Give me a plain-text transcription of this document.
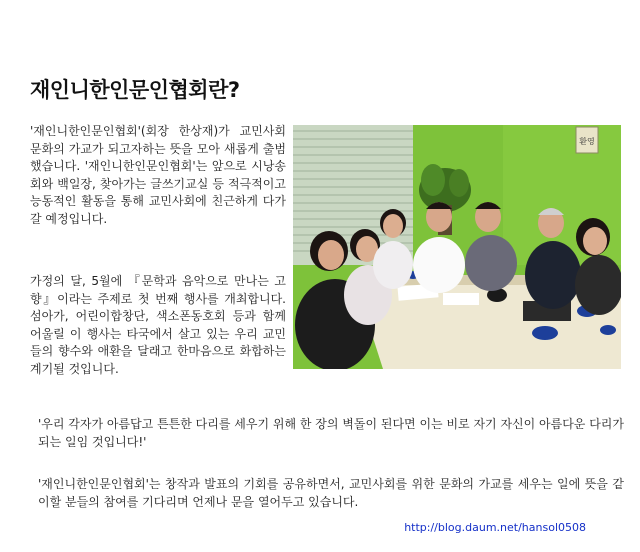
재인니한인문인협회란?

'재인니한인문인협회'(회장 한상재)가 교민사회 문화의 가교가 되고자하는 뜻을 모아 새롭게 출범했습니다. '재인니한인문인협회'는 앞으로 시낭송회와 백일장, 찾아가는 글쓰기교실 등 적극적이고 능동적인 활동을 통해 교민사회에 친근하게 다가갈 예정입니다.

가정의 달, 5월에 『문학과 음악으로 만나는 고향』이라는 주제로 첫 번째 행사를 개최합니다. 섬아가, 어린이합창단, 색소폰동호회 등과 함께 어울릴 이 행사는 타국에서 살고 있는 우리 교민들의 향수와 애환을 달래고 한마음으로 화합하는 계기될 것입니다.

환영

'우리 각자가 아름답고 튼튼한 다리를 세우기 위해 한 장의 벽돌이 된다면 이는 비로 자기 자신이 아름다운 다리가 되는 일임 것입니다!'

'재인니한인문인협회'는 창작과 발표의 기회를 공유하면서, 교민사회를 위한 문화의 가교를 세우는 일에 뜻을 같이할 분들의 참여를 기다리며 언제나 문을 열어두고 있습니다.

http://blog.daum.net/hansol0508
